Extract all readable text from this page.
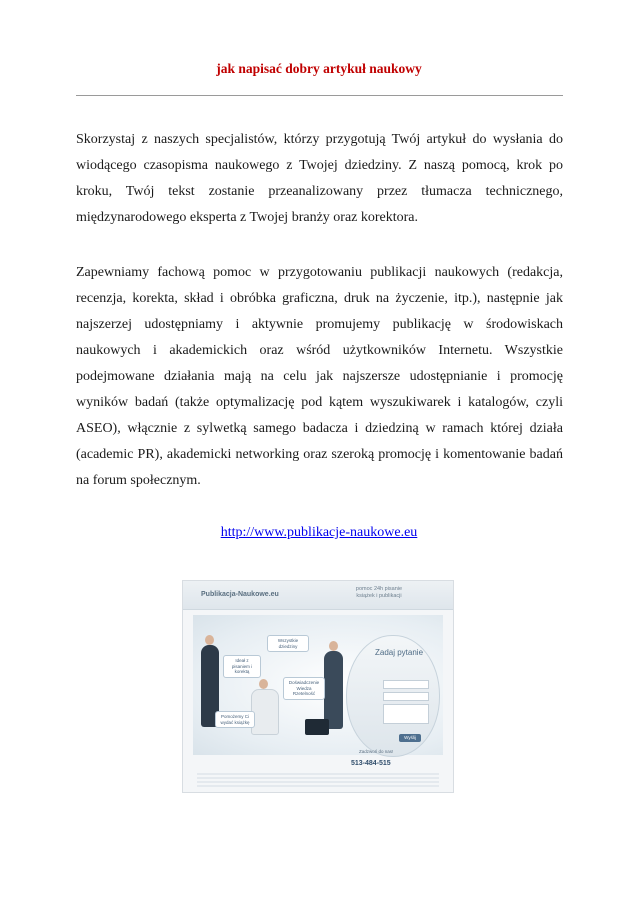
jak napisać dobry artykuł naukowy

Skorzystaj z naszych specjalistów, którzy przygotują Twój artykuł do wysłania do wiodącego czasopisma naukowego z Twojej dziedziny. Z naszą pomocą, krok po kroku, Twój tekst zostanie przeanalizowany przez tłumacza technicznego, międzynarodowego eksperta z Twojej branży oraz korektora.

Zapewniamy fachową pomoc w przygotowaniu publikacji naukowych (redakcja, recenzja, korekta, skład i obróbka graficzna, druk na życzenie, itp.), następnie jak najszerzej udostępniamy i aktywnie promujemy publikację w środowiskach naukowych i akademickich oraz wśród użytkowników Internetu. Wszystkie podejmowane działania mają na celu jak najszersze udostępnianie i promocję wyników badań (także optymalizację pod kątem wyszukiwarek i katalogów, czyli ASEO), włącznie z sylwetką samego badacza i dziedziną w ramach której działa (academic PR), akademicki networking oraz szeroką promocję i komentowanie badań na forum społecznym.

http://www.publikacje-naukowe.eu
Publikacja-Naukowe.eu
pomoc 24h pisanie książek i publikacji
Ideał z pisaniem i korektą
Wszystkie dziedziny
Doświadczenie Wiedza Rzetelność
Pomożemy Ci wydać książkę
Zadaj pytanie
Wyślij
Zadzwoń do nas!
513-484-515
